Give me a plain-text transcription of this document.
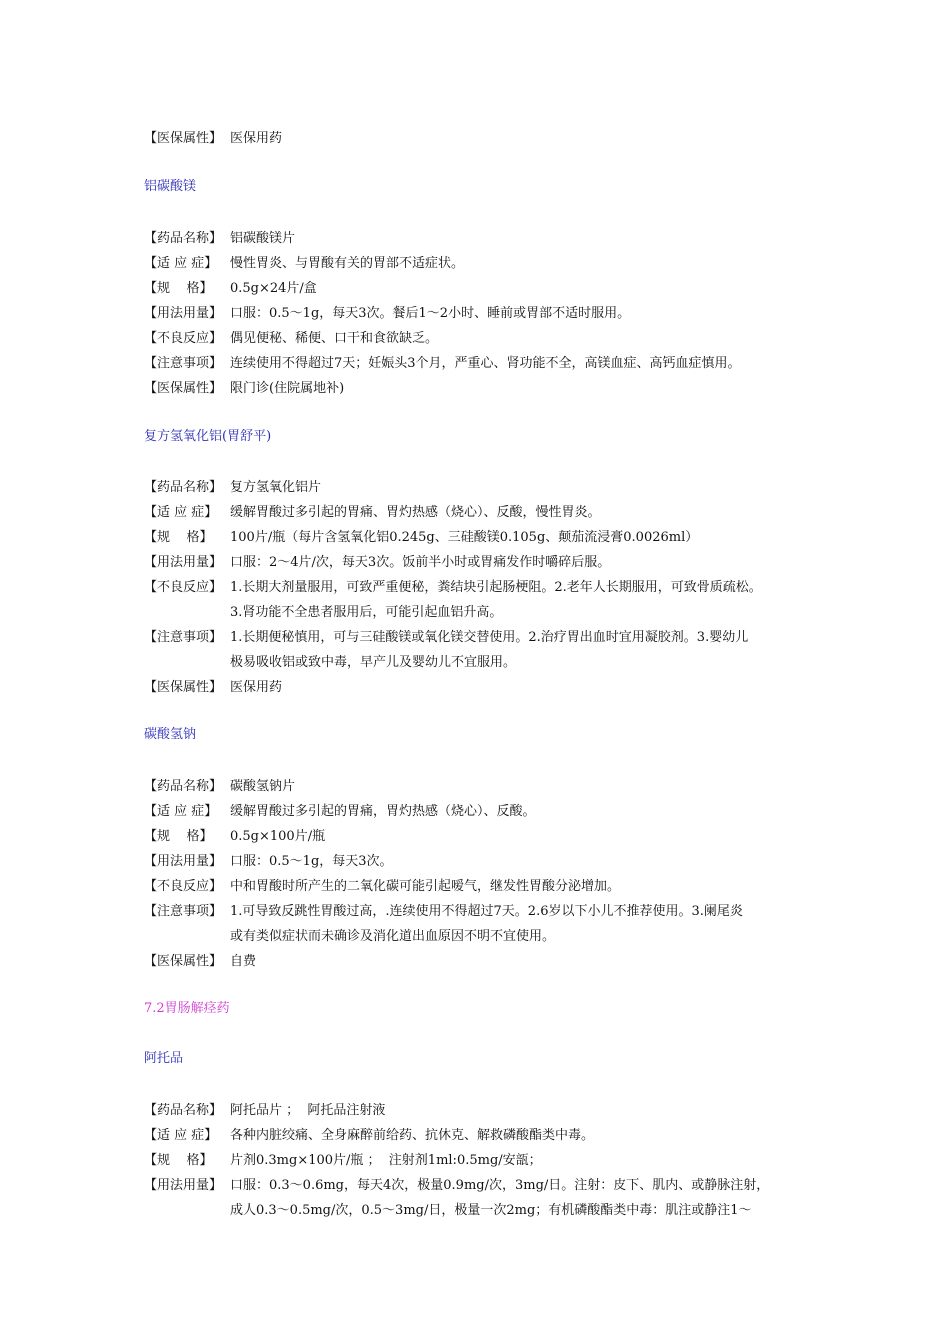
【医保属性】 医保用药
铝碳酸镁
【药品名称】 铝碳酸镁片
【适 应 症】 慢性胃炎、与胃酸有关的胃部不适症状。
【规    格】	0.5g×24片/盒
【用法用量】 口服：0.5～1g，每天3次。餐后1～2小时、睡前或胃部不适时服用。
【不良反应】 偶见便秘、稀便、口干和食欲缺乏。
【注意事项】 连续使用不得超过7天；妊娠头3个月，严重心、肾功能不全，高镁血症、高钙血症慎用。
【医保属性】 限门诊(住院属地补)
复方氢氧化铝(胃舒平)
【药品名称】 复方氢氧化铝片
【适 应 症】 缓解胃酸过多引起的胃痛、胃灼热感（烧心）、反酸，慢性胃炎。
【规    格】	100片/瓶（每片含氢氧化铝0.245g、三硅酸镁0.105g、颠茄流浸膏0.0026ml）
【用法用量】 口服：2～4片/次，每天3次。饭前半小时或胃痛发作时嚼碎后服。
【不良反应】 1.长期大剂量服用，可致严重便秘，粪结块引起肠梗阻。2.老年人长期服用，可致骨质疏松。
3.肾功能不全患者服用后，可能引起血铝升高。
【注意事项】 1.长期便秘慎用，可与三硅酸镁或氧化镁交替使用。2.治疗胃出血时宜用凝胶剂。3.婴幼儿
极易吸收铝或致中毒，早产儿及婴幼儿不宜服用。
【医保属性】 医保用药
碳酸氢钠
【药品名称】 碳酸氢钠片
【适 应 症】 缓解胃酸过多引起的胃痛，胃灼热感（烧心）、反酸。
【规    格】	0.5g×100片/瓶
【用法用量】 口服：0.5～1g，每天3次。
【不良反应】 中和胃酸时所产生的二氧化碳可能引起嗳气，继发性胃酸分泌增加。
【注意事项】 1.可导致反跳性胃酸过高，.连续使用不得超过7天。2.6岁以下小儿不推荐使用。3.阑尾炎
或有类似症状而未确诊及消化道出血原因不明不宜使用。
【医保属性】 自费
7.2胃肠解痉药
阿托品
【药品名称】 阿托品片 ；  阿托品注射液
【适 应 症】 各种内脏绞痛、全身麻醉前给药、抗休克、解救磷酸酯类中毒。
【规    格】	片剂0.3mg×100片/瓶 ；  注射剂1ml:0.5mg/安瓿；
【用法用量】 口服：0.3～0.6mg，每天4次，极量0.9mg/次，3mg/日。注射：皮下、肌内、或静脉注射，
成人0.3～0.5mg/次，0.5～3mg/日，极量一次2mg；有机磷酸酯类中毒：肌注或静注1～
